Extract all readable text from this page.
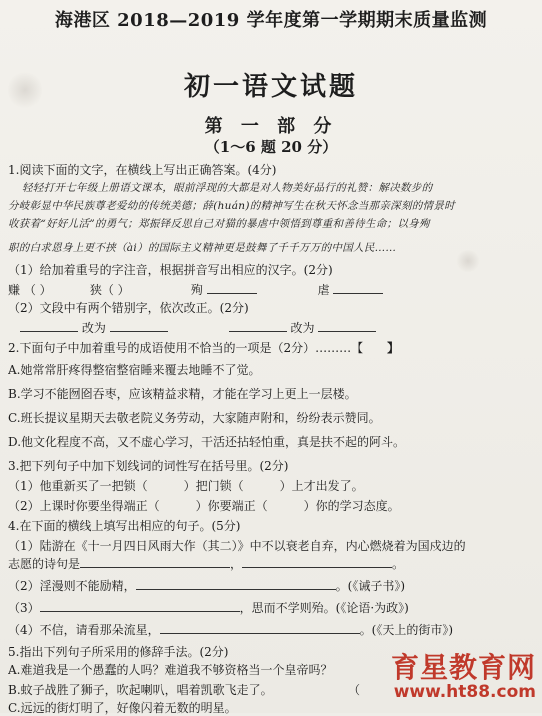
海港区 2018—2019 学年度第一学期期末质量监测
初一语文试题
第 一 部 分
（1～6 题 20 分）
1.阅读下面的文字，在横线上写出正确答案。(4分)
轻轻打开七年级上册语文课本，眼前浮现的大都是对人物美好品行的礼赞：解决数步的
分岐彰显中华民族尊老爱幼的传统美德；薛(huán)的精神写生在秋天怀念当那亲深刻的情景时
收获着“好好儿活”的勇气；郑振铎反思自己对猫的暴虐中领悟到尊重和善待生命；以身殉
职的白求恩身上更不挟（ài）的国际主义精神更是鼓舞了千千万万的中国人民……
（1）给加着重号的字注音，根据拼音写出相应的汉字。(2分)
赚 （ ）	狭（ ）	殉	虐
（2）文段中有两个错别字，依次改正。(2分)
改为	改为
2.下面句子中加着重号的成语使用不恰当的一项是（2分）………【 】
A.她常常肝疼得整宿整宿睡来覆去地睡不了觉。
B.学习不能囫囵吞枣，应该精益求精，才能在学习上更上一层楼。
C.班长提议星期天去敬老院义务劳动，大家随声附和，纷纷表示赞同。
D.他文化程度不高，又不虚心学习，干活还拈轻怕重，真是扶不起的阿斗。
3.把下列句子中加下划线词的词性写在括号里。(2分)
（1）他重新买了一把锁（	）把门锁（	）上才出发了。
（2）上课时你要坐得端正（	）你要端正（	）你的学习态度。
4.在下面的横线上填写出相应的句子。(5分)
（1）陆游在《十一月四日风雨大作（其二）》中不以衰老自弃，内心燃烧着为国戍边的
志愿的诗句是	，	。
（2）淫漫则不能励精，	。(《诫子书》)
（3）	，思而不学则殆。(《论语·为政》)
（4）不信，请看那朵流星，	。(《天上的街市》)
5.指出下列句子所采用的修辞手法。(2分)
A.难道我是一个愚蠢的人吗？难道我不够资格当一个皇帝吗？
B.蚊子战胜了狮子，吹起喇叭，唱着凯歌飞走了。	（
C.远远的街灯明了，好像闪着无数的明星。
育星教育网
www.ht88.com
